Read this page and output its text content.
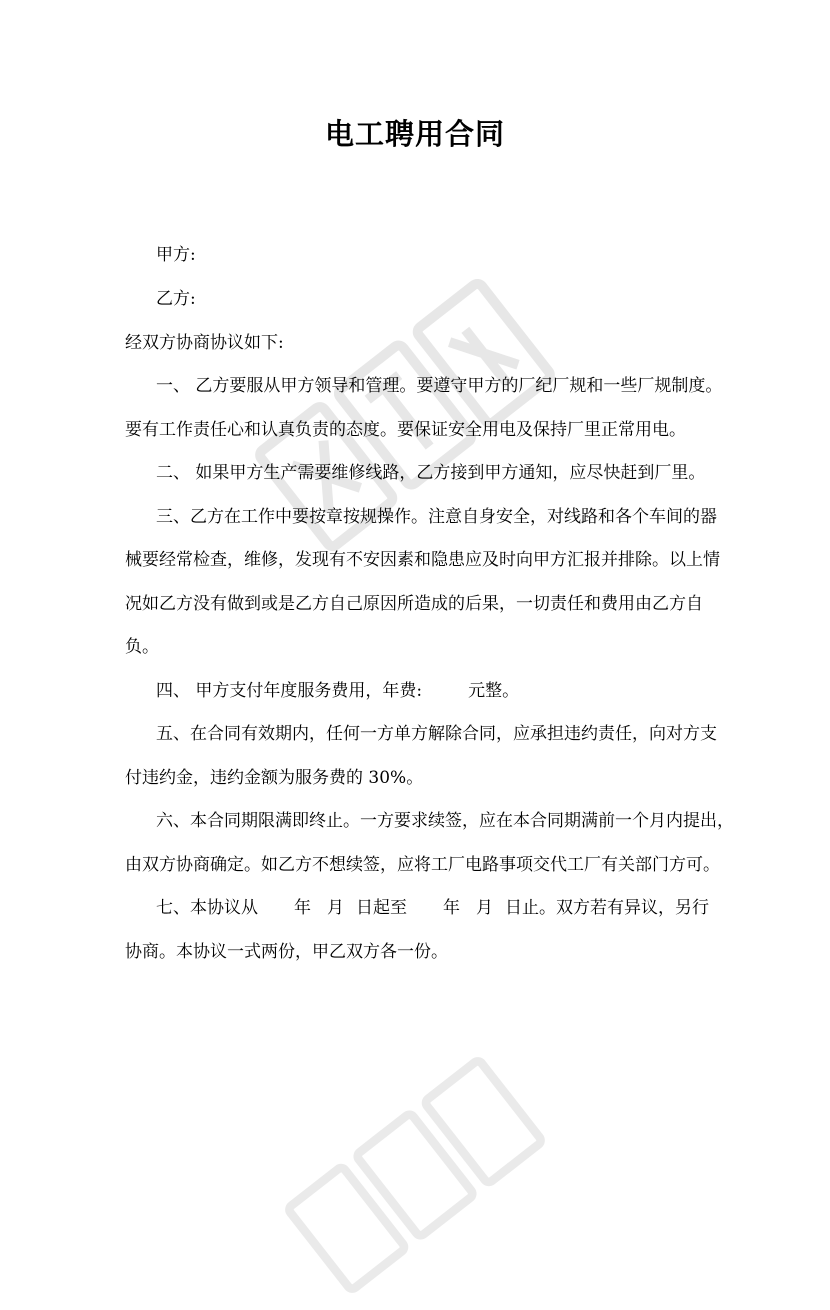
电工聘用合同
甲方:
乙方:
经双方协商协议如下:
一、 乙方要服从甲方领导和管理。要遵守甲方的厂纪厂规和一些厂规制度。
要有工作责任心和认真负责的态度。要保证安全用电及保持厂里正常用电。
二、 如果甲方生产需要维修线路，乙方接到甲方通知，应尽快赶到厂里。
三、乙方在工作中要按章按规操作。注意自身安全，对线路和各个车间的器
械要经常检查，维修，发现有不安因素和隐患应及时向甲方汇报并排除。以上情
况如乙方没有做到或是乙方自己原因所造成的后果，一切责任和费用由乙方自
负。
四、 甲方支付年度服务费用，年费:	元整。
五、在合同有效期内，任何一方单方解除合同，应承担违约责任，向对方支
付违约金，违约金额为服务费的 30%。
六、本合同期限满即终止。一方要求续签，应在本合同期满前一个月内提出，
由双方协商确定。如乙方不想续签，应将工厂电路事项交代工厂有关部门方可。
七、本协议从 年 月 日起至 年 月 日止。双方若有异议，另行
协商。本协议一式两份，甲乙双方各一份。
